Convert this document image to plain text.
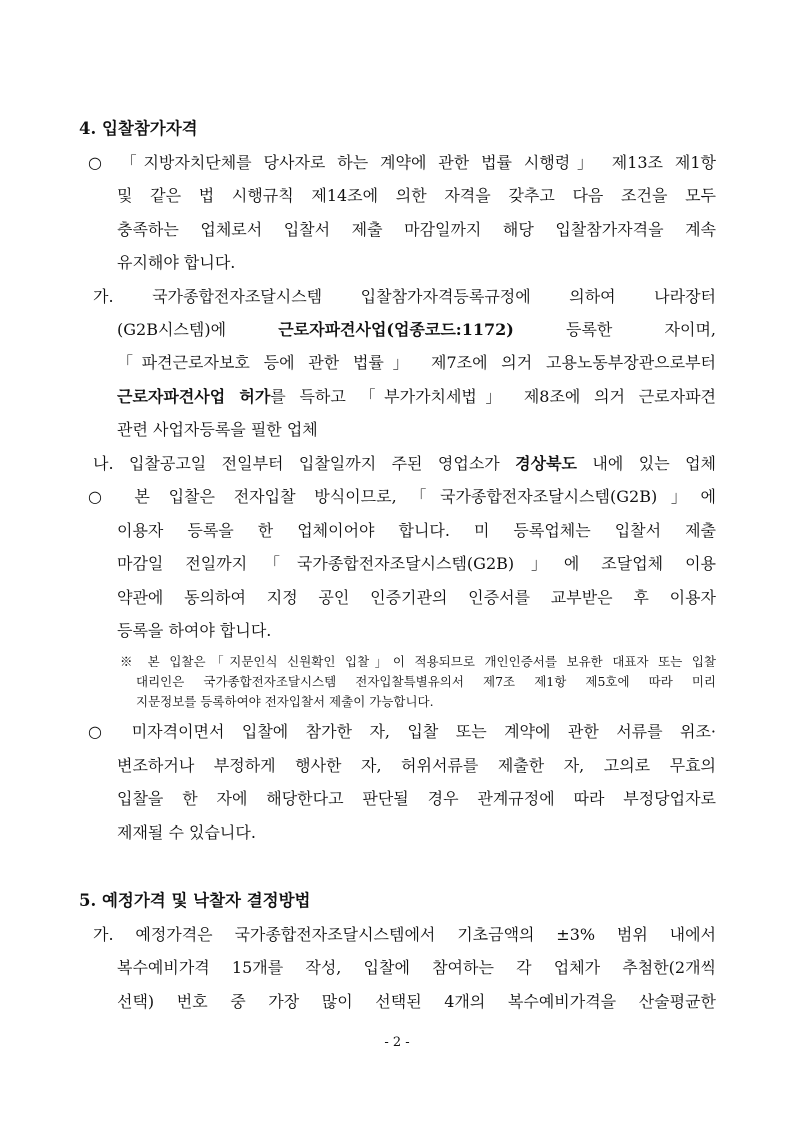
4. 입찰참가자격
○ 「지방자치단체를 당사자로 하는 계약에 관한 법률 시행령」 제13조 제1항
및 같은 법 시행규칙 제14조에 의한 자격을 갖추고 다음 조건을 모두
충족하는 업체로서 입찰서 제출 마감일까지 해당 입찰참가자격을 계속
유지해야 합니다.
가. 국가종합전자조달시스템 입찰참가자격등록규정에 의하여 나라장터
(G2B시스템)에 근로자파견사업(업종코드:1172) 등록한 자이며,
「파견근로자보호 등에 관한 법률」 제7조에 의거 고용노동부장관으로부터
근로자파견사업 허가를 득하고 「부가가치세법」 제8조에 의거 근로자파견
관련 사업자등록을 필한 업체
나. 입찰공고일 전일부터 입찰일까지 주된 영업소가 경상북도 내에 있는 업체
○ 본 입찰은 전자입찰 방식이므로,「국가종합전자조달시스템(G2B)」에
이용자 등록을 한 업체이어야 합니다. 미 등록업체는 입찰서 제출
마감일 전일까지「국가종합전자조달시스템(G2B)」에 조달업체 이용
약관에 동의하여 지정 공인 인증기관의 인증서를 교부받은 후 이용자
등록을 하여야 합니다.
※ 본 입찰은「지문인식 신원확인 입찰」이 적용되므로 개인인증서를 보유한 대표자 또는 입찰
대리인은 국가종합전자조달시스템 전자입찰특별유의서 제7조 제1항 제5호에 따라 미리
지문정보를 등록하여야 전자입찰서 제출이 가능합니다.
○ 미자격이면서 입찰에 참가한 자, 입찰 또는 계약에 관한 서류를 위조·
변조하거나 부정하게 행사한 자, 허위서류를 제출한 자, 고의로 무효의
입찰을 한 자에 해당한다고 판단될 경우 관계규정에 따라 부정당업자로
제재될 수 있습니다.
5. 예정가격 및 낙찰자 결정방법
가. 예정가격은 국가종합전자조달시스템에서 기초금액의 ±3% 범위 내에서
복수예비가격 15개를 작성, 입찰에 참여하는 각 업체가 추첨한(2개씩
선택) 번호 중 가장 많이 선택된 4개의 복수예비가격을 산술평균한
- 2 -
